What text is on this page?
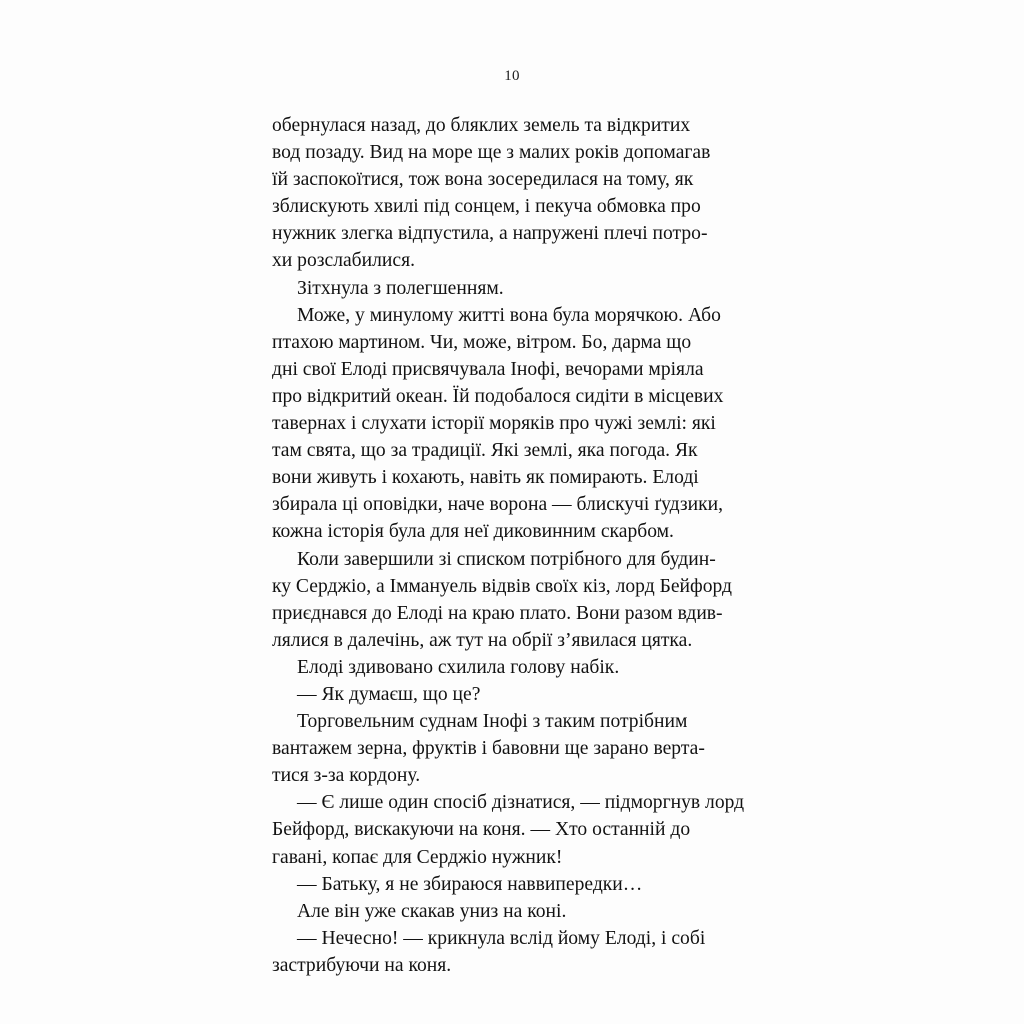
10

обернулася назад, до бляклих земель та відкритих
вод позаду. Вид на море ще з малих років допомагав
їй заспокоїтися, тож вона зосередилася на тому, як
зблискують хвилі під сонцем, і пекуча обмовка про
нужник злегка відпустила, а напружені плечі потро-
хи розслабилися.

Зітхнула з полегшенням.

Може, у минулому житті вона була морячкою. Або
птахою мартином. Чи, може, вітром. Бо, дарма що
дні свої Елоді присвячувала Інофі, вечорами мріяла
про відкритий океан. Їй подобалося сидіти в місцевих
тавернах і слухати історії моряків про чужі землі: які
там свята, що за традиції. Які землі, яка погода. Як
вони живуть і кохають, навіть як помирають. Елоді
збирала ці оповідки, наче ворона — блискучі ґудзики,
кожна історія була для неї диковинним скарбом.

Коли завершили зі списком потрібного для будин-
ку Серджіо, а Іммануель відвів своїх кіз, лорд Бейфорд
приєднався до Елоді на краю плато. Вони разом вдив-
лялися в далечінь, аж тут на обрії з’явилася цятка.

Елоді здивовано схилила голову набік.

— Як думаєш, що це?

Торговельним суднам Інофі з таким потрібним
вантажем зерна, фруктів і бавовни ще зарано верта-
тися з-за кордону.

— Є лише один спосіб дізнатися, — підморгнув лорд
Бейфорд, вискакуючи на коня. — Хто останній до
гавані, копає для Серджіо нужник!

— Батьку, я не збираюся наввипередки…

Але він уже скакав униз на коні.

— Нечесно! — крикнула вслід йому Елоді, і собі
застрибуючи на коня.
